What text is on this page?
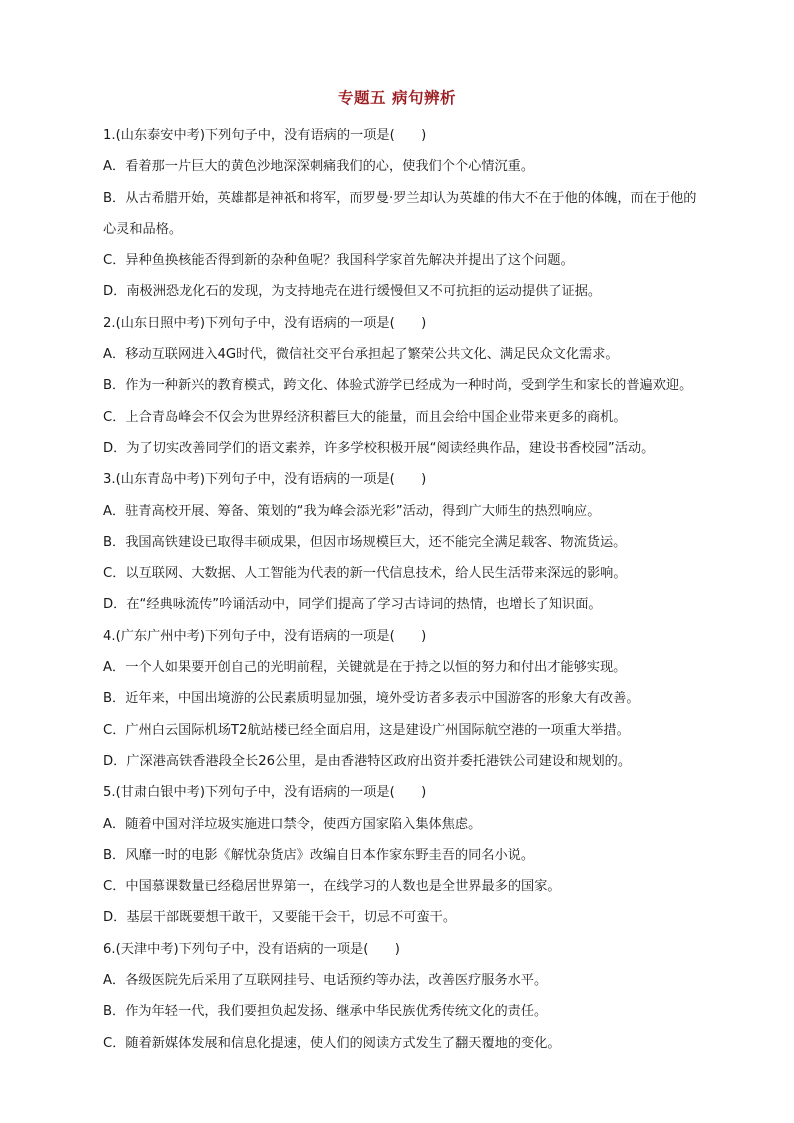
专题五 病句辨析
1.(山东泰安中考)下列句子中，没有语病的一项是(　　)
A．看着那一片巨大的黄色沙地深深刺痛我们的心，使我们个个心情沉重。
B．从古希腊开始，英雄都是神祇和将军，而罗曼·罗兰却认为英雄的伟大不在于他的体魄，而在于他的
心灵和品格。
C．异种鱼换核能否得到新的杂种鱼呢？我国科学家首先解决并提出了这个问题。
D．南极洲恐龙化石的发现，为支持地壳在进行缓慢但又不可抗拒的运动提供了证据。
2.(山东日照中考)下列句子中，没有语病的一项是(　　)
A．移动互联网进入4G时代，微信社交平台承担起了繁荣公共文化、满足民众文化需求。
B．作为一种新兴的教育模式，跨文化、体验式游学已经成为一种时尚，受到学生和家长的普遍欢迎。
C．上合青岛峰会不仅会为世界经济积蓄巨大的能量，而且会给中国企业带来更多的商机。
D．为了切实改善同学们的语文素养，许多学校积极开展“阅读经典作品，建设书香校园”活动。
3.(山东青岛中考)下列句子中，没有语病的一项是(　　)
A．驻青高校开展、筹备、策划的“我为峰会添光彩”活动，得到广大师生的热烈响应。
B．我国高铁建设已取得丰硕成果，但因市场规模巨大，还不能完全满足载客、物流货运。
C．以互联网、大数据、人工智能为代表的新一代信息技术，给人民生活带来深远的影响。
D．在“经典咏流传”吟诵活动中，同学们提高了学习古诗词的热情，也增长了知识面。
4.(广东广州中考)下列句子中，没有语病的一项是(　　)
A．一个人如果要开创自己的光明前程，关键就是在于持之以恒的努力和付出才能够实现。
B．近年来，中国出境游的公民素质明显加强，境外受访者多表示中国游客的形象大有改善。
C．广州白云国际机场T2航站楼已经全面启用，这是建设广州国际航空港的一项重大举措。
D．广深港高铁香港段全长26公里，是由香港特区政府出资并委托港铁公司建设和规划的。
5.(甘肃白银中考)下列句子中，没有语病的一项是(　　)
A．随着中国对洋垃圾实施进口禁令，使西方国家陷入集体焦虑。
B．风靡一时的电影《解忧杂货店》改编自日本作家东野圭吾的同名小说。
C．中国慕课数量已经稳居世界第一，在线学习的人数也是全世界最多的国家。
D．基层干部既要想干敢干，又要能干会干，切忌不可蛮干。
6.(天津中考)下列句子中，没有语病的一项是(　　)
A．各级医院先后采用了互联网挂号、电话预约等办法，改善医疗服务水平。
B．作为年轻一代，我们要担负起发扬、继承中华民族优秀传统文化的责任。
C．随着新媒体发展和信息化提速，使人们的阅读方式发生了翻天覆地的变化。
